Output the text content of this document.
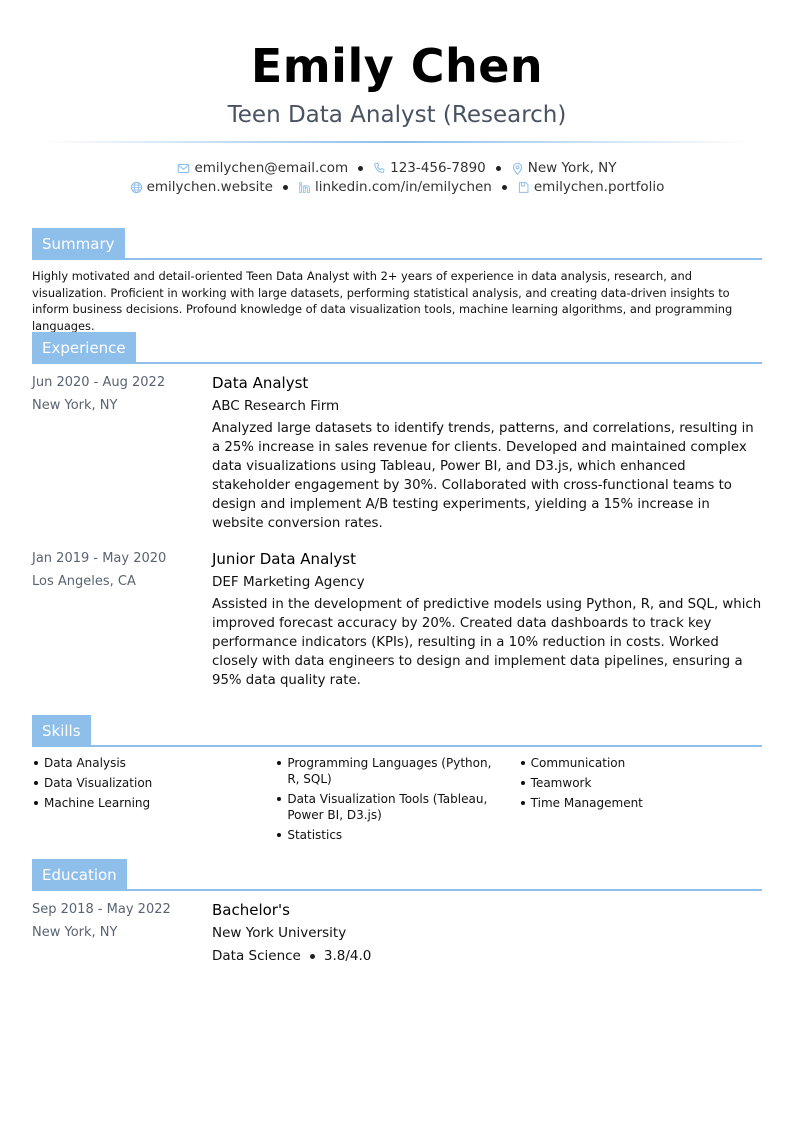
Emily Chen
Teen Data Analyst (Research)
emilychen@email.com	123-456-7890	New York, NY
emilychen.website	linkedin.com/in/emilychen	emilychen.portfolio
Summary

Highly motivated and detail-oriented Teen Data Analyst with 2+ years of experience in data analysis, research, and visualization. Proficient in working with large datasets, performing statistical analysis, and creating data-driven insights to inform business decisions. Profound knowledge of data visualization tools, machine learning algorithms, and programming languages.

Experience
Jun 2020 - Aug 2022
New York, NY
Data Analyst
ABC Research Firm
Analyzed large datasets to identify trends, patterns, and correlations, resulting in a 25% increase in sales revenue for clients. Developed and maintained complex data visualizations using Tableau, Power BI, and D3.js, which enhanced stakeholder engagement by 30%. Collaborated with cross-functional teams to design and implement A/B testing experiments, yielding a 15% increase in website conversion rates.
Jan 2019 - May 2020
Los Angeles, CA
Junior Data Analyst
DEF Marketing Agency
Assisted in the development of predictive models using Python, R, and SQL, which improved forecast accuracy by 20%. Created data dashboards to track key performance indicators (KPIs), resulting in a 10% reduction in costs. Worked closely with data engineers to design and implement data pipelines, ensuring a 95% data quality rate.
Skills
Data Analysis
Data Visualization
Machine Learning
Programming Languages (Python, R, SQL)
Data Visualization Tools (Tableau, Power BI, D3.js)
Statistics
Communication
Teamwork
Time Management
Education
Sep 2018 - May 2022
New York, NY
Bachelor's
New York University
Data Science 3.8/4.0
